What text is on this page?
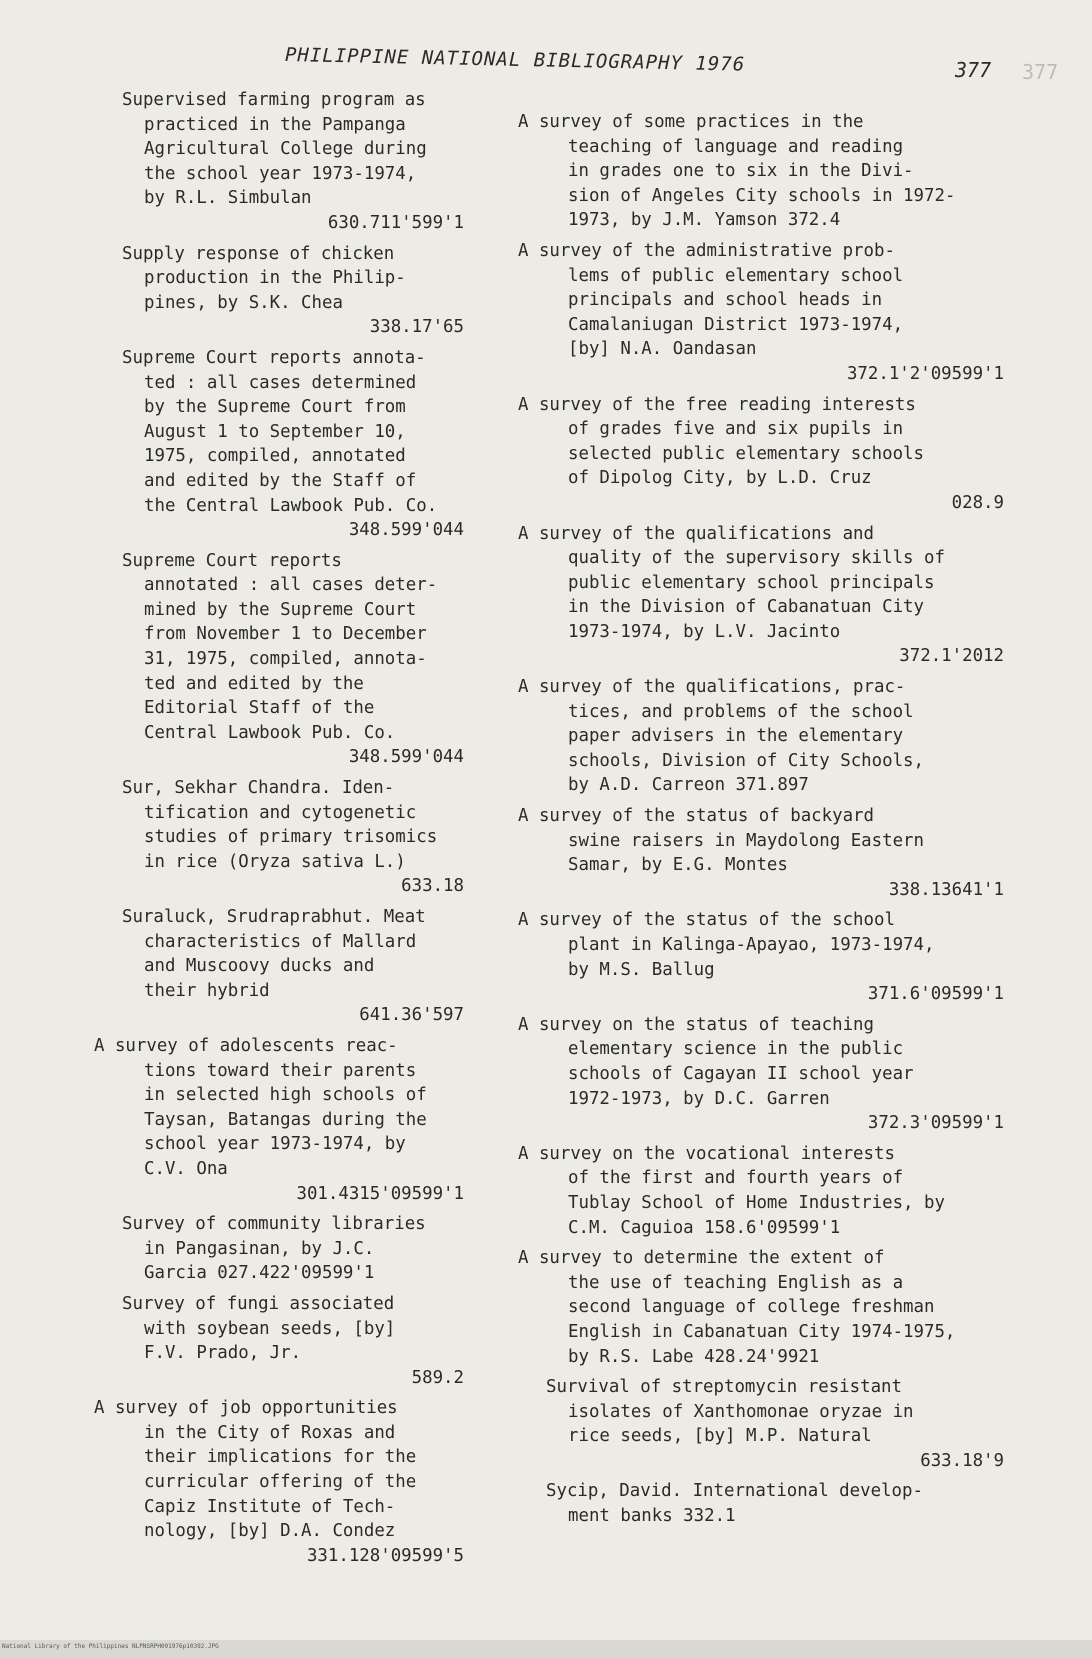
377
PHILIPPINE NATIONAL BIBLIOGRAPHY 1976	377
Supervised farming program as
practiced in the Pampanga
Agricultural College during
the school year 1973-1974,
by R.L. Simbulan
630.711'599'1
Supply response of chicken
production in the Philip-
pines, by S.K. Chea
338.17'65
Supreme Court reports annota-
ted : all cases determined
by the Supreme Court from
August 1 to September 10,
1975, compiled, annotated
and edited by the Staff of
the Central Lawbook Pub. Co.
348.599'044
Supreme Court reports
annotated : all cases deter-
mined by the Supreme Court
from November 1 to December
31, 1975, compiled, annota-
ted and edited by the
Editorial Staff of the
Central Lawbook Pub. Co.
348.599'044
Sur, Sekhar Chandra. Iden-
tification and cytogenetic
studies of primary trisomics
in rice (Oryza sativa L.)
633.18
Suraluck, Srudraprabhut. Meat
characteristics of Mallard
and Muscoovy ducks and
their hybrid
641.36'597
A survey of adolescents reac-
tions toward their parents
in selected high schools of
Taysan, Batangas during the
school year 1973-1974, by
C.V. Ona
301.4315'09599'1
Survey of community libraries
in Pangasinan, by J.C.
Garcia 027.422'09599'1
Survey of fungi associated
with soybean seeds, [by]
F.V. Prado, Jr.
589.2
A survey of job opportunities
in the City of Roxas and
their implications for the
curricular offering of the
Capiz Institute of Tech-
nology, [by] D.A. Condez
331.128'09599'5
A survey of some practices in the
teaching of language and reading
in grades one to six in the Divi-
sion of Angeles City schools in 1972-
1973, by J.M. Yamson 372.4
A survey of the administrative prob-
lems of public elementary school
principals and school heads in
Camalaniugan District 1973-1974,
[by] N.A. Oandasan
372.1'2'09599'1
A survey of the free reading interests
of grades five and six pupils in
selected public elementary schools
of Dipolog City, by L.D. Cruz
028.9
A survey of the qualifications and
quality of the supervisory skills of
public elementary school principals
in the Division of Cabanatuan City
1973-1974, by L.V. Jacinto
372.1'2012
A survey of the qualifications, prac-
tices, and problems of the school
paper advisers in the elementary
schools, Division of City Schools,
by A.D. Carreon 371.897
A survey of the status of backyard
swine raisers in Maydolong Eastern
Samar, by E.G. Montes
338.13641'1
A survey of the status of the school
plant in Kalinga-Apayao, 1973-1974,
by M.S. Ballug
371.6'09599'1
A survey on the status of teaching
elementary science in the public
schools of Cagayan II school year
1972-1973, by D.C. Garren
372.3'09599'1
A survey on the vocational interests
of the first and fourth years of
Tublay School of Home Industries, by
C.M. Caguioa 158.6'09599'1
A survey to determine the extent of
the use of teaching English as a
second language of college freshman
English in Cabanatuan City 1974-1975,
by R.S. Labe 428.24'9921
Survival of streptomycin resistant
isolates of Xanthomonae oryzae in
rice seeds, [by] M.P. Natural
633.18'9
Sycip, David. International develop-
ment banks 332.1
National Library of the Philippines NLPNSRPH091976p10392.JPG
